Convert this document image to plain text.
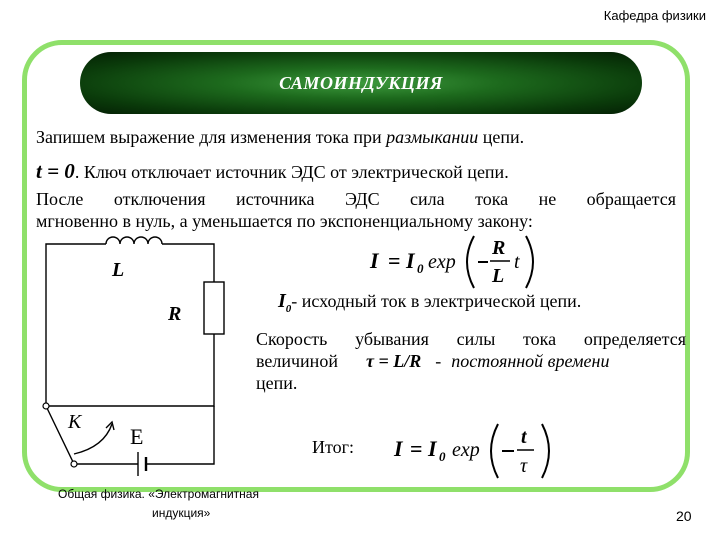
Кафедра физики
САМОИНДУКЦИЯ
Запишем выражение для изменения тока при размыкании цепи.
t = 0. Ключ отключает источник ЭДС от электрической цепи.
После отключения источника ЭДС сила тока не обращается
мгновенно в нуль, а уменьшается по экспоненциальному закону:
I = I 0 exp
R
L
t
$I_0-$ исходный ток в электрической цепи.
Скорость убывания силы тока определяется
величиной τ = L/R - постоянной времени
цепи.
Итог: I = I 0 exp
t
τ
L
R
К
Е
Общая физика. «Электромагнитная
индукция»	20
